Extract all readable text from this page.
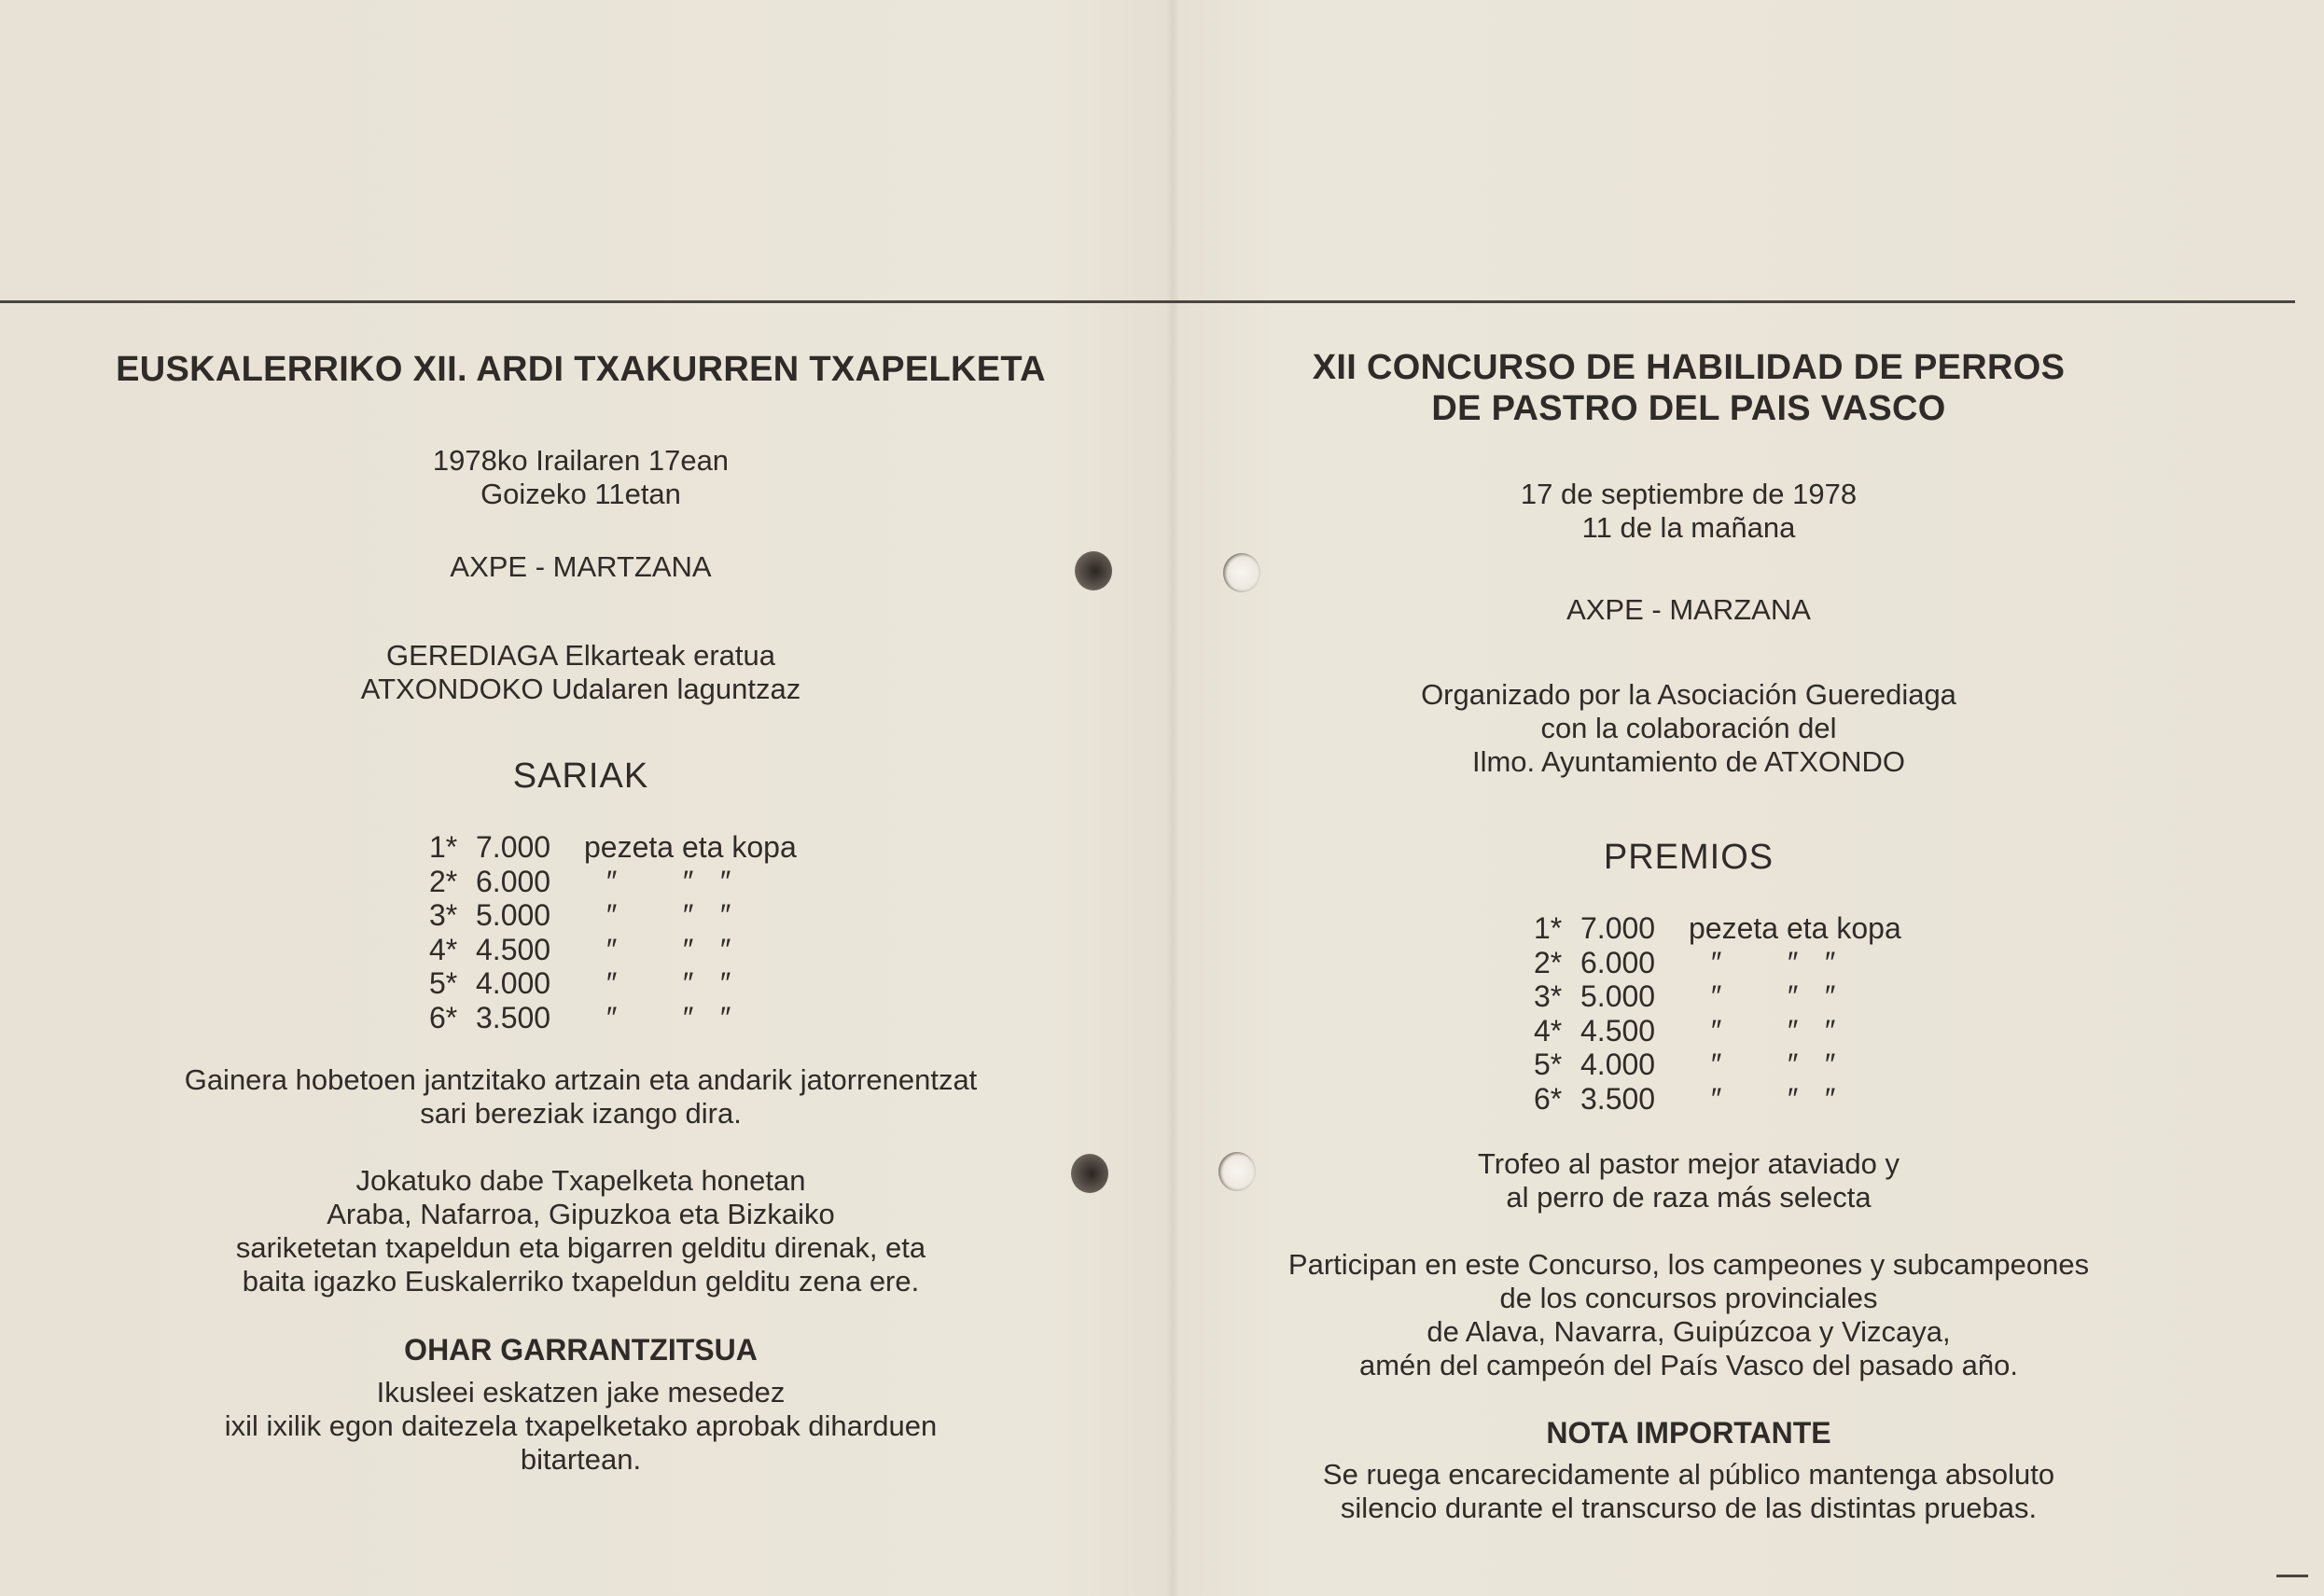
EUSKALERRIKO XII. ARDI TXAKURREN TXAPELKETA
1978ko Irailaren 17ean
Goizeko 11etan
AXPE - MARTZANA
GEREDIAGA Elkarteak eratua
ATXONDOKO Udalaren laguntzaz
SARIAK
1* 7.000 pezeta eta kopa
2* 6.000 ″ ″ ″
3* 5.000 ″ ″ ″
4* 4.500 ″ ″ ″
5* 4.000 ″ ″ ″
6* 3.500 ″ ″ ″
Gainera hobetoen jantzitako artzain eta andarik jatorrenentzat
sari bereziak izango dira.
Jokatuko dabe Txapelketa honetan
Araba, Nafarroa, Gipuzkoa eta Bizkaiko
sariketetan txapeldun eta bigarren gelditu direnak, eta
baita igazko Euskalerriko txapeldun gelditu zena ere.
OHAR GARRANTZITSUA
Ikusleei eskatzen jake mesedez
ixil ixilik egon daitezela txapelketako aprobak diharduen
bitartean.
XII CONCURSO DE HABILIDAD DE PERROS
DE PASTRO DEL PAIS VASCO
17 de septiembre de 1978
11 de la mañana
AXPE - MARZANA
Organizado por la Asociación Guerediaga
con la colaboración del
Ilmo. Ayuntamiento de ATXONDO
PREMIOS
1* 7.000 pezeta eta kopa
2* 6.000 ″ ″ ″
3* 5.000 ″ ″ ″
4* 4.500 ″ ″ ″
5* 4.000 ″ ″ ″
6* 3.500 ″ ″ ″
Trofeo al pastor mejor ataviado y
al perro de raza más selecta
Participan en este Concurso, los campeones y subcampeones
de los concursos provinciales
de Alava, Navarra, Guipúzcoa y Vizcaya,
amén del campeón del País Vasco del pasado año.
NOTA IMPORTANTE
Se ruega encarecidamente al público mantenga absoluto
silencio durante el transcurso de las distintas pruebas.
